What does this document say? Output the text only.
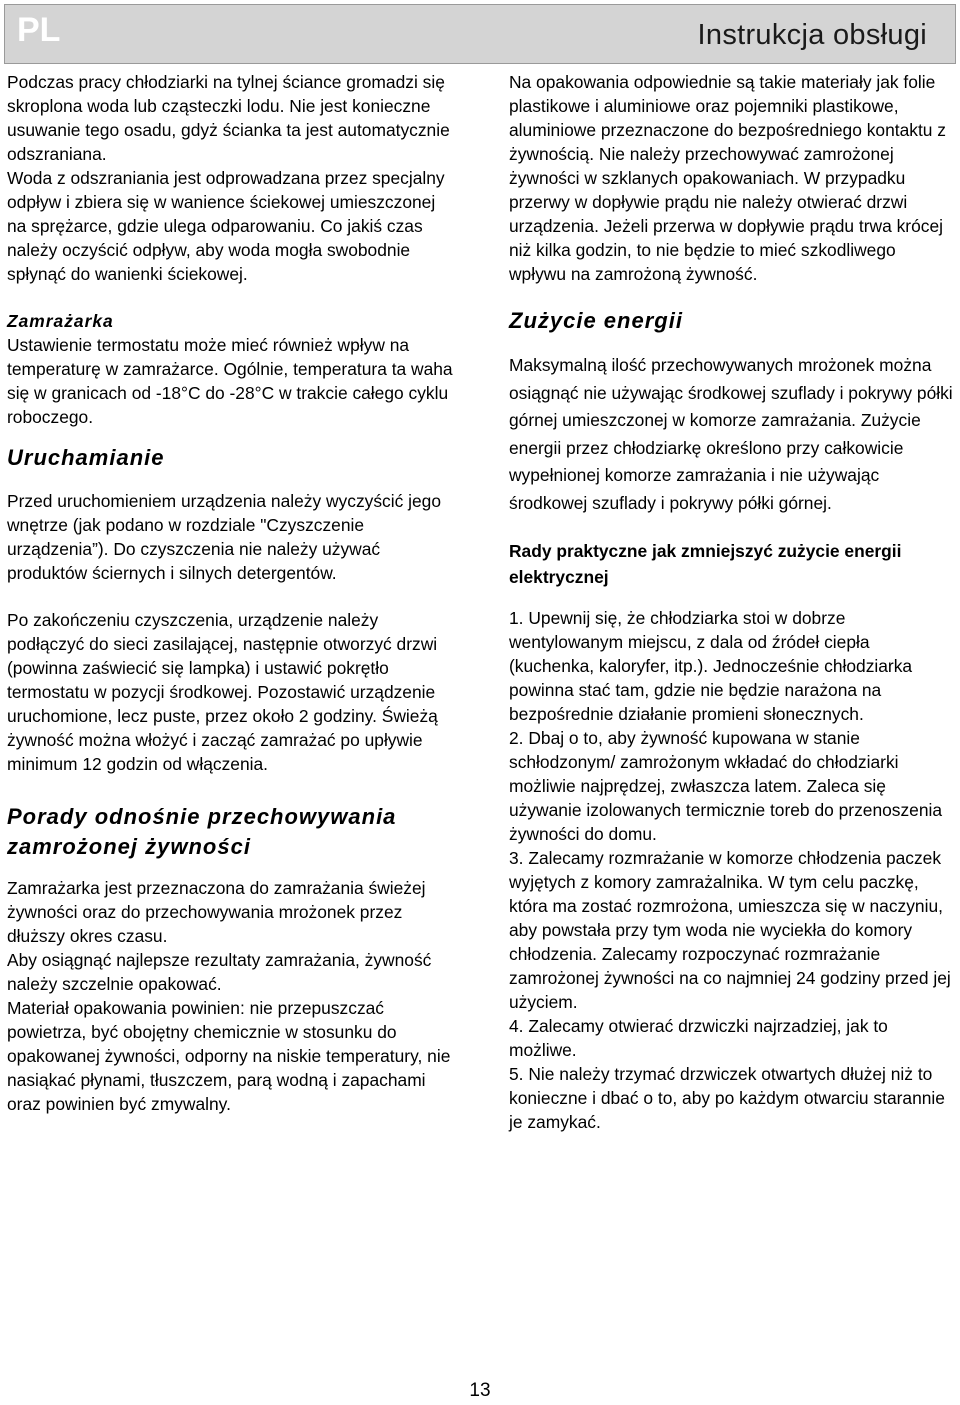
PL	Instrukcja obsługi

Podczas pracy chłodziarki na tylnej ściance gromadzi się skroplona woda lub cząsteczki lodu. Nie jest konieczne usuwanie tego osadu, gdyż ścianka ta jest automatycznie odszraniana.

Woda z odszraniania jest odprowadzana przez specjalny odpływ i zbiera się w wanience ściekowej umieszczonej na sprężarce, gdzie ulega odparowaniu. Co jakiś czas należy oczyścić odpływ, aby woda mogła swobodnie spłynąć do wanienki ściekowej.

Zamrażarka

Ustawienie termostatu może mieć również wpływ na temperaturę w zamrażarce. Ogólnie, temperatura ta waha się w granicach od -18°C do -28°C w trakcie całego cyklu roboczego.

Uruchamianie

Przed uruchomieniem urządzenia należy wyczyścić jego wnętrze (jak podano w rozdziale "Czyszczenie urządzenia”). Do czyszczenia nie należy używać produktów ściernych i silnych detergentów.

Po zakończeniu czyszczenia, urządzenie należy podłączyć do sieci zasilającej, następnie otworzyć drzwi (powinna zaświecić się lampka) i ustawić pokrętło termostatu w pozycji środkowej. Pozostawić urządzenie uruchomione, lecz puste, przez około 2 godziny. Świeżą żywność można włożyć i zacząć zamrażać po upływie minimum 12 godzin od włączenia.

Porady odnośnie przechowywania zamrożonej żywności

Zamrażarka jest przeznaczona do zamrażania świeżej żywności oraz do przechowywania mrożonek przez dłuższy okres czasu.

Aby osiągnąć najlepsze rezultaty zamrażania, żywność należy szczelnie opakować.

Materiał opakowania powinien: nie przepuszczać powietrza, być obojętny chemicznie w stosunku do opakowanej żywności, odporny na niskie temperatury, nie nasiąkać płynami, tłuszczem, parą wodną i zapachami oraz powinien być zmywalny.

Na opakowania odpowiednie są takie materiały jak folie plastikowe i aluminiowe oraz pojemniki plastikowe, aluminiowe przeznaczone do bezpośredniego kontaktu z żywnością. Nie należy przechowywać zamrożonej żywności w szklanych opakowaniach. W przypadku przerwy w dopływie prądu nie należy otwierać drzwi urządzenia. Jeżeli przerwa w dopływie prądu trwa krócej niż kilka godzin, to nie będzie to mieć szkodliwego wpływu na zamrożoną żywność.

Zużycie energii

Maksymalną ilość przechowywanych mrożonek można osiągnąć nie używając środkowej szuflady i pokrywy półki górnej umieszczonej w komorze zamrażania. Zużycie energii przez chłodziarkę określono przy całkowicie wypełnionej komorze zamrażania i nie używając środkowej szuflady i pokrywy półki górnej.

Rady praktyczne jak zmniejszyć zużycie energii elektrycznej

1. Upewnij się, że chłodziarka stoi w dobrze wentylowanym miejscu, z dala od źródeł ciepła (kuchenka, kaloryfer, itp.). Jednocześnie chłodziarka powinna stać tam, gdzie nie będzie narażona na bezpośrednie działanie promieni słonecznych.

2. Dbaj o to, aby żywność kupowana w stanie schłodzonym/ zamrożonym wkładać do chłodziarki możliwie najprędzej, zwłaszcza latem. Zaleca się używanie izolowanych termicznie toreb do przenoszenia żywności do domu.

3. Zalecamy rozmrażanie w komorze chłodzenia paczek wyjętych z komory zamrażalnika. W tym celu paczkę, która ma zostać rozmrożona, umieszcza się w naczyniu, aby powstała przy tym woda nie wyciekła do komory chłodzenia. Zalecamy rozpoczynać rozmrażanie zamrożonej żywności na co najmniej 24 godziny przed jej użyciem.

4. Zalecamy otwierać drzwiczki najrzadziej, jak to możliwe.

5. Nie należy trzymać drzwiczek otwartych dłużej niż to konieczne i dbać o to, aby po każdym otwarciu starannie je zamykać.

13
